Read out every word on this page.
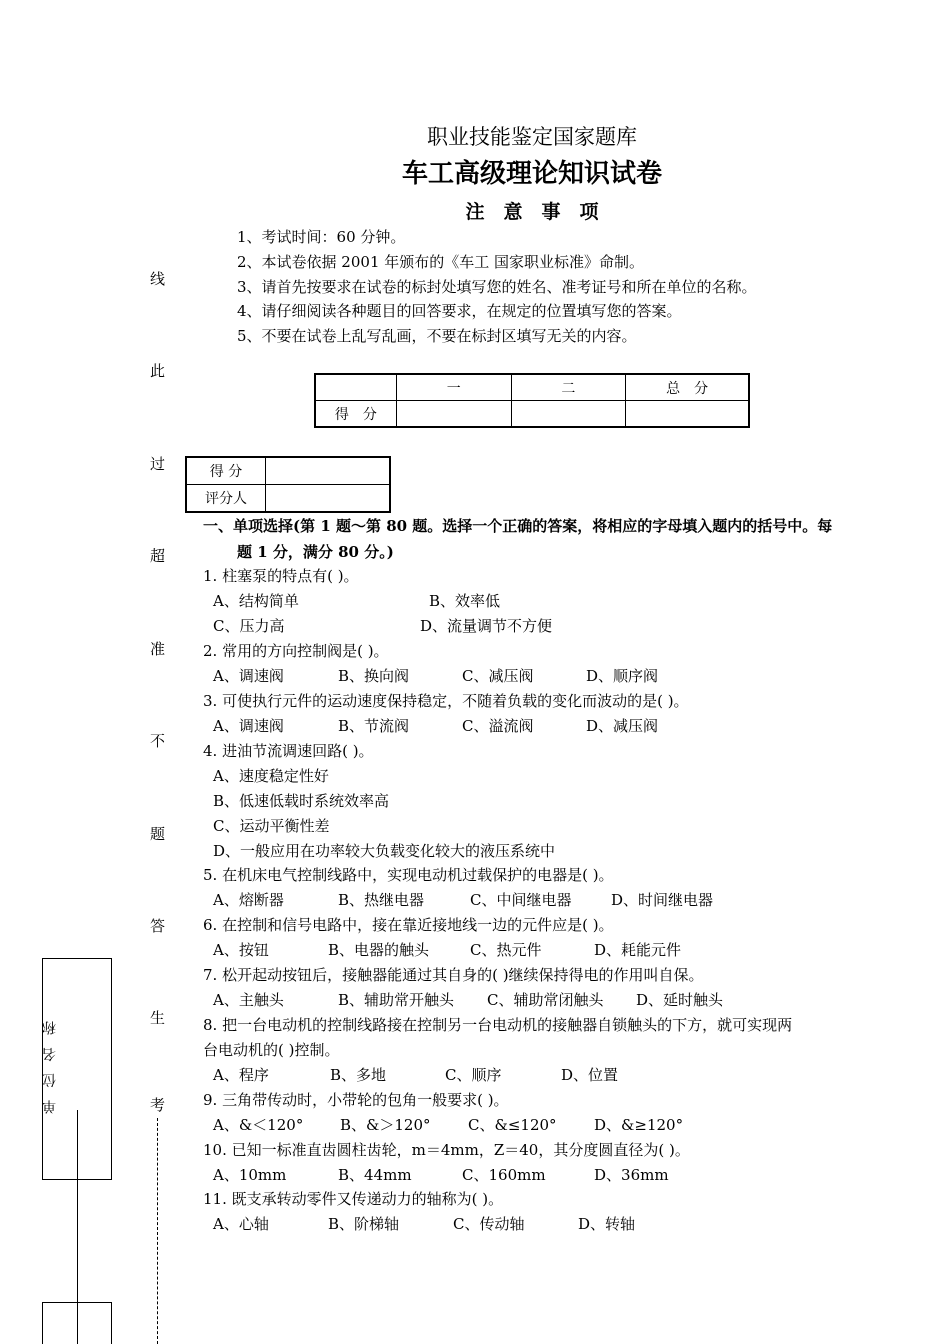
职业技能鉴定国家题库
车工高级理论知识试卷
注　意　事　项
1、考试时间：60 分钟。
2、本试卷依据 2001 年颁布的《车工 国家职业标准》命制。
3、请首先按要求在试卷的标封处填写您的姓名、准考证号和所在单位的名称。
4、请仔细阅读各种题目的回答要求，在规定的位置填写您的答案。
5、不要在试卷上乱写乱画，不要在标封区填写无关的内容。
	一	二	总　分
得　分			
得 分	
评分人	
线
此
过
超
准
不
题
答
生
考
单 位 名 称
一、单项选择(第 1 题～第 80 题。选择一个正确的答案，将相应的字母填入题内的括号中。每
题 1 分，满分 80 分。)
1. 柱塞泵的特点有( )。
A、结构简单	B、效率低
C、压力高	D、流量调节不方便
2. 常用的方向控制阀是( )。
A、调速阀	B、换向阀	C、减压阀	D、顺序阀
3. 可使执行元件的运动速度保持稳定，不随着负载的变化而波动的是( )。
A、调速阀	B、节流阀	C、溢流阀	D、减压阀
4. 进油节流调速回路( )。
A、速度稳定性好
B、低速低载时系统效率高
C、运动平衡性差
D、一般应用在功率较大负载变化较大的液压系统中
5. 在机床电气控制线路中，实现电动机过载保护的电器是( )。
A、熔断器	B、热继电器	C、中间继电器	D、时间继电器
6. 在控制和信号电路中，接在靠近接地线一边的元件应是( )。
A、按钮	B、电器的触头	C、热元件	D、耗能元件
7. 松开起动按钮后，接触器能通过其自身的( )继续保持得电的作用叫自保。
A、主触头	B、辅助常开触头 C、辅助常闭触头 D、延时触头
8. 把一台电动机的控制线路接在控制另一台电动机的接触器自锁触头的下方，就可实现两
台电动机的( )控制。
A、程序	B、多地	C、顺序	D、位置
9. 三角带传动时，小带轮的包角一般要求( )。
A、&＜120° B、&＞120° C、&≤120° D、&≥120°
10. 已知一标准直齿圆柱齿轮，m＝4mm，Z＝40，其分度圆直径为( )。
A、10mm	B、44mm	C、160mm	D、36mm
11. 既支承转动零件又传递动力的轴称为( )。
A、心轴	B、阶梯轴	C、传动轴	D、转轴
